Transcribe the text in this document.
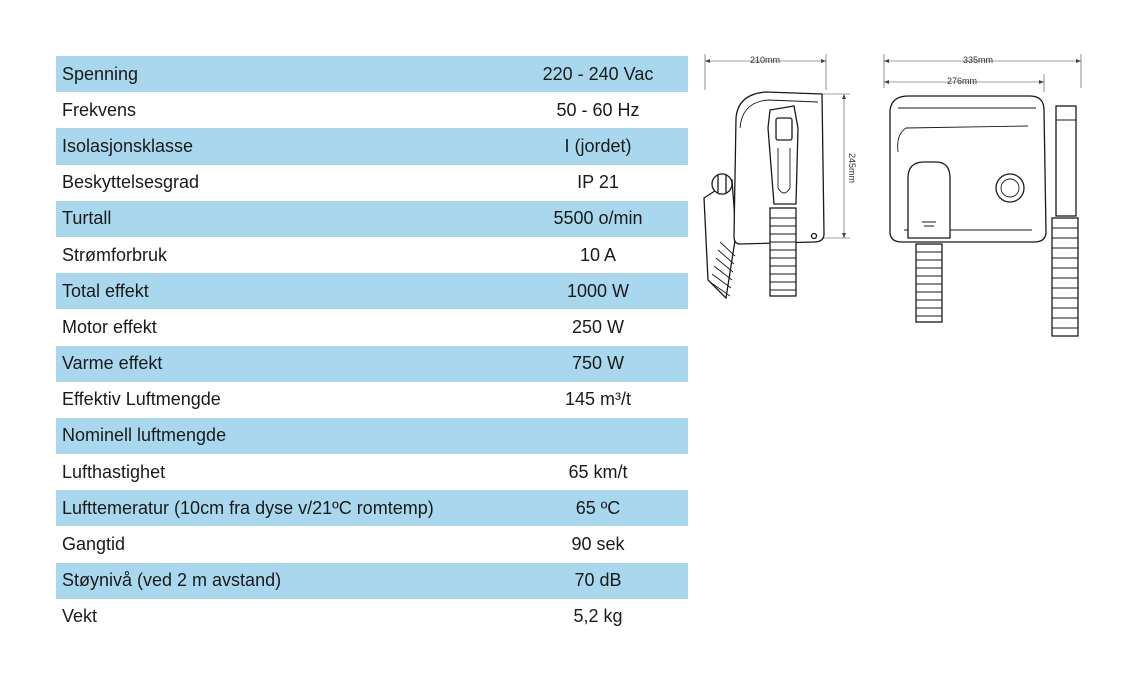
Spenning	220 - 240 Vac
Frekvens	50 - 60 Hz
Isolasjonsklasse	I (jordet)
Beskyttelsesgrad	IP 21
Turtall	5500 o/min
Strømforbruk	10 A
Total effekt	1000 W
Motor effekt	250 W
Varme effekt	750 W
Effektiv Luftmengde	145 m³/t
Nominell luftmengde
Lufthastighet	65 km/t
Lufttemeratur (10cm fra dyse v/21ºC romtemp)	65 ºC
Gangtid	90 sek
Støynivå (ved 2 m avstand)	70 dB
Vekt	5,2 kg
210mm
245mm
335mm
276mm
